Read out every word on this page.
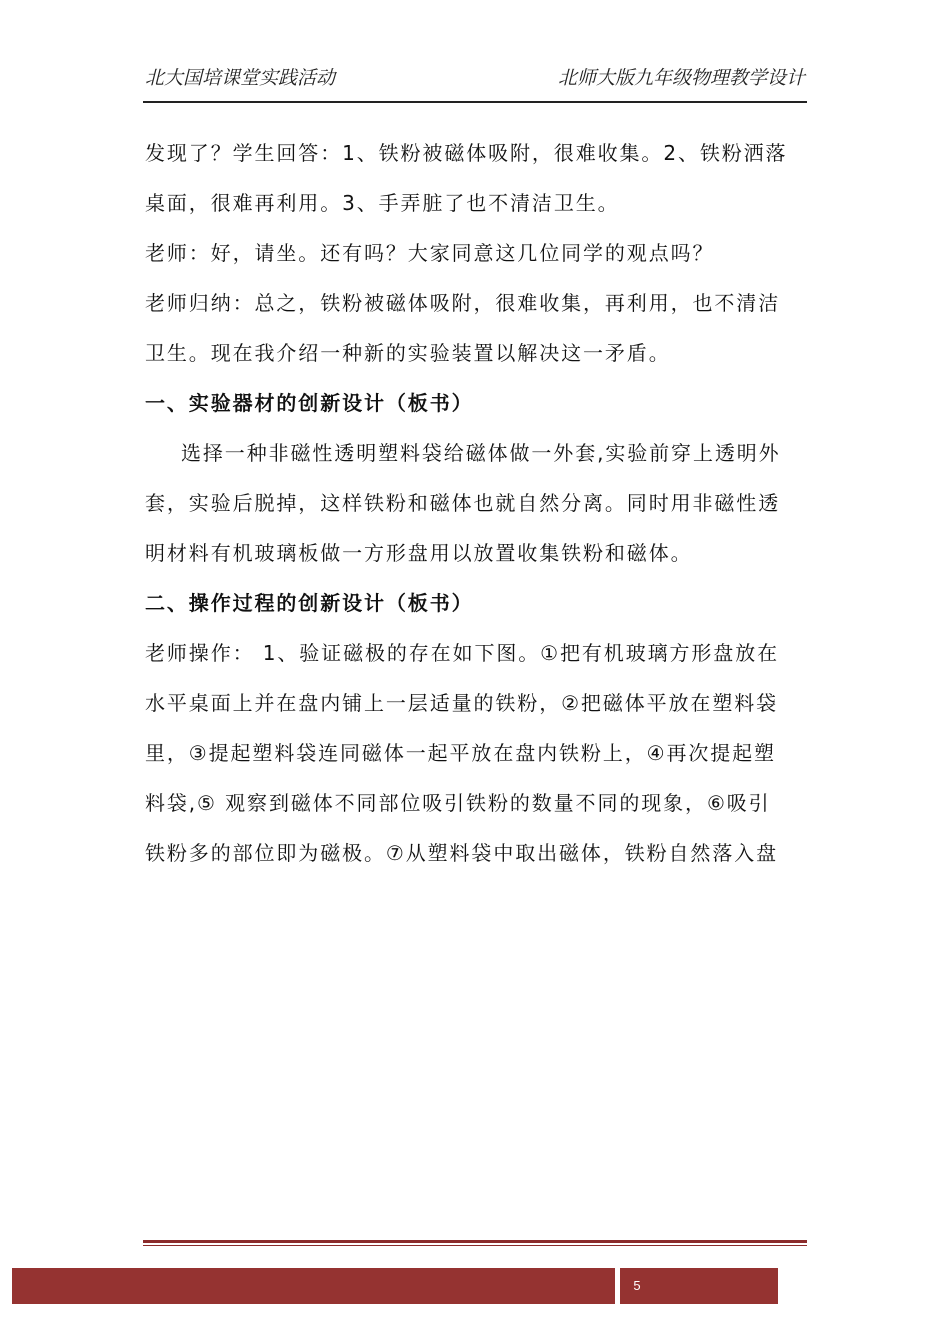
北大国培课堂实践活动	北师大版九年级物理教学设计

发现了？学生回答：1、铁粉被磁体吸附，很难收集。2、铁粉洒落

桌面，很难再利用。3、手弄脏了也不清洁卫生。

老师：好，请坐。还有吗？大家同意这几位同学的观点吗？

老师归纳：总之，铁粉被磁体吸附，很难收集，再利用，也不清洁

卫生。现在我介绍一种新的实验装置以解决这一矛盾。

一、实验器材的创新设计（板书）

选择一种非磁性透明塑料袋给磁体做一外套,实验前穿上透明外

套，实验后脱掉，这样铁粉和磁体也就自然分离。同时用非磁性透

明材料有机玻璃板做一方形盘用以放置收集铁粉和磁体。

二、操作过程的创新设计（板书）

老师操作： 1、验证磁极的存在如下图。①把有机玻璃方形盘放在

水平桌面上并在盘内铺上一层适量的铁粉，②把磁体平放在塑料袋

里，③提起塑料袋连同磁体一起平放在盘内铁粉上，④再次提起塑

料袋,⑤ 观察到磁体不同部位吸引铁粉的数量不同的现象，⑥吸引

铁粉多的部位即为磁极。⑦从塑料袋中取出磁体，铁粉自然落入盘

5
